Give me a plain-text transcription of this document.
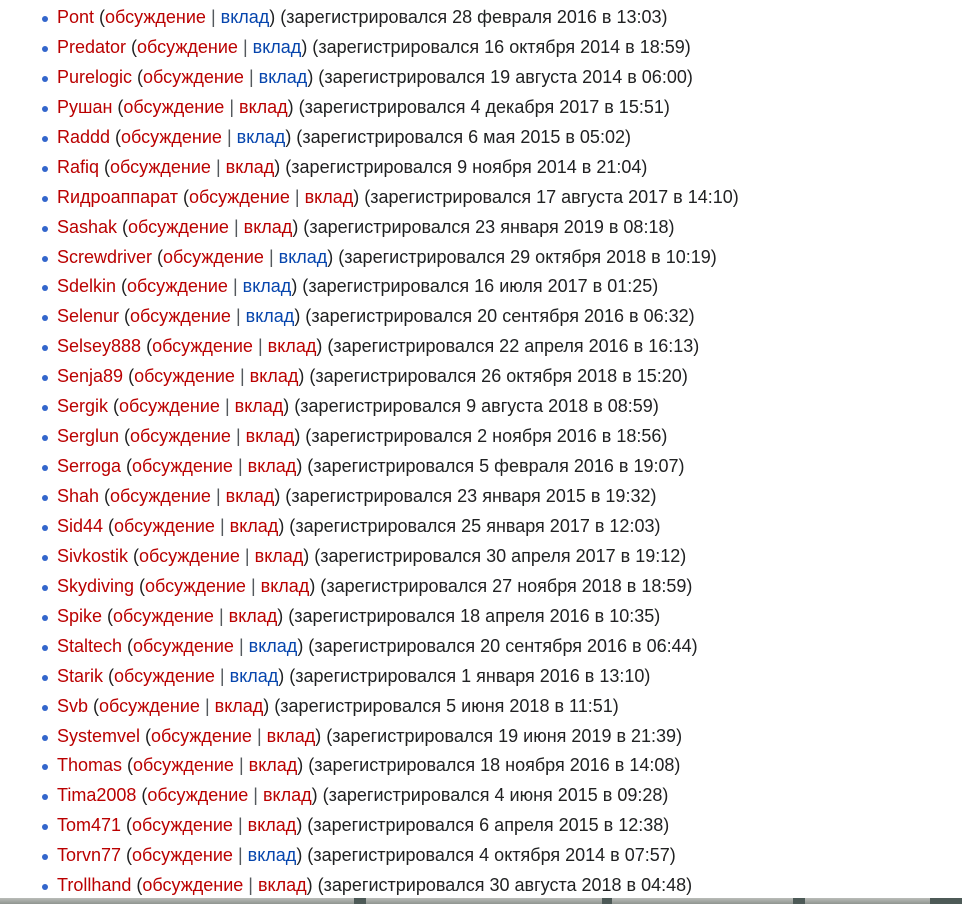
Pont (обсуждение | вклад) (зарегистрировался 28 февраля 2016 в 13:03)
Predator (обсуждение | вклад) (зарегистрировался 16 октября 2014 в 18:59)
Purelogic (обсуждение | вклад) (зарегистрировался 19 августа 2014 в 06:00)
Рушан (обсуждение | вклад) (зарегистрировался 4 декабря 2017 в 15:51)
Raddd (обсуждение | вклад) (зарегистрировался 6 мая 2015 в 05:02)
Rafiq (обсуждение | вклад) (зарегистрировался 9 ноября 2014 в 21:04)
Rидроаппарат (обсуждение | вклад) (зарегистрировался 17 августа 2017 в 14:10)
Sashak (обсуждение | вклад) (зарегистрировался 23 января 2019 в 08:18)
Screwdriver (обсуждение | вклад) (зарегистрировался 29 октября 2018 в 10:19)
Sdelkin (обсуждение | вклад) (зарегистрировался 16 июля 2017 в 01:25)
Selenur (обсуждение | вклад) (зарегистрировался 20 сентября 2016 в 06:32)
Selsey888 (обсуждение | вклад) (зарегистрировался 22 апреля 2016 в 16:13)
Senja89 (обсуждение | вклад) (зарегистрировался 26 октября 2018 в 15:20)
Sergik (обсуждение | вклад) (зарегистрировался 9 августа 2018 в 08:59)
Serglun (обсуждение | вклад) (зарегистрировался 2 ноября 2016 в 18:56)
Serroga (обсуждение | вклад) (зарегистрировался 5 февраля 2016 в 19:07)
Shah (обсуждение | вклад) (зарегистрировался 23 января 2015 в 19:32)
Sid44 (обсуждение | вклад) (зарегистрировался 25 января 2017 в 12:03)
Sivkostik (обсуждение | вклад) (зарегистрировался 30 апреля 2017 в 19:12)
Skydiving (обсуждение | вклад) (зарегистрировался 27 ноября 2018 в 18:59)
Spike (обсуждение | вклад) (зарегистрировался 18 апреля 2016 в 10:35)
Staltech (обсуждение | вклад) (зарегистрировался 20 сентября 2016 в 06:44)
Starik (обсуждение | вклад) (зарегистрировался 1 января 2016 в 13:10)
Svb (обсуждение | вклад) (зарегистрировался 5 июня 2018 в 11:51)
Systemvel (обсуждение | вклад) (зарегистрировался 19 июня 2019 в 21:39)
Thomas (обсуждение | вклад) (зарегистрировался 18 ноября 2016 в 14:08)
Tima2008 (обсуждение | вклад) (зарегистрировался 4 июня 2015 в 09:28)
Tom471 (обсуждение | вклад) (зарегистрировался 6 апреля 2015 в 12:38)
Torvn77 (обсуждение | вклад) (зарегистрировался 4 октября 2014 в 07:57)
Trollhand (обсуждение | вклад) (зарегистрировался 30 августа 2018 в 04:48)
